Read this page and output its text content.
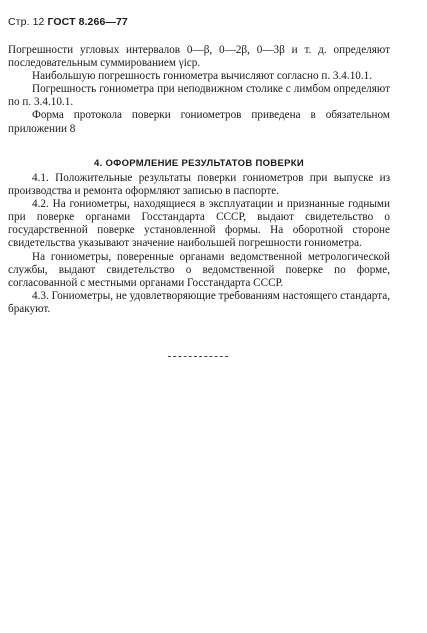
Стр. 12 ГОСТ 8.266—77

Погрешности угловых интервалов 0—β, 0—2β, 0—3β и т. д. определяют последовательным суммированием γiср.

Наибольшую погрешность гониометра вычисляют согласно п. 3.4.10.1.

Погрешность гониометра при неподвижном столике с лимбом определяют по п. 3.4.10.1.

Форма протокола поверки гониометров приведена в обязательном приложении 8

4. ОФОРМЛЕНИЕ РЕЗУЛЬТАТОВ ПОВЕРКИ

4.1. Положительные результаты поверки гониометров при выпуске из производства и ремонта оформляют записью в паспорте.

4.2. На гониометры, находящиеся в эксплуатации и признанные годными при поверке органами Госстандарта СССР, выдают свидетельство о государственной поверке установленной формы. На оборотной стороне свидетельства указывают значение наибольшей погрешности гониометра.

На гониометры, поверенные органами ведомственной метрологической службы, выдают свидетельство о ведомственной поверке по форме, согласованной с местными органами Госстандарта СССР.

4.3. Гониометры, не удовлетворяющие требованиям настоящего стандарта, бракуют.
